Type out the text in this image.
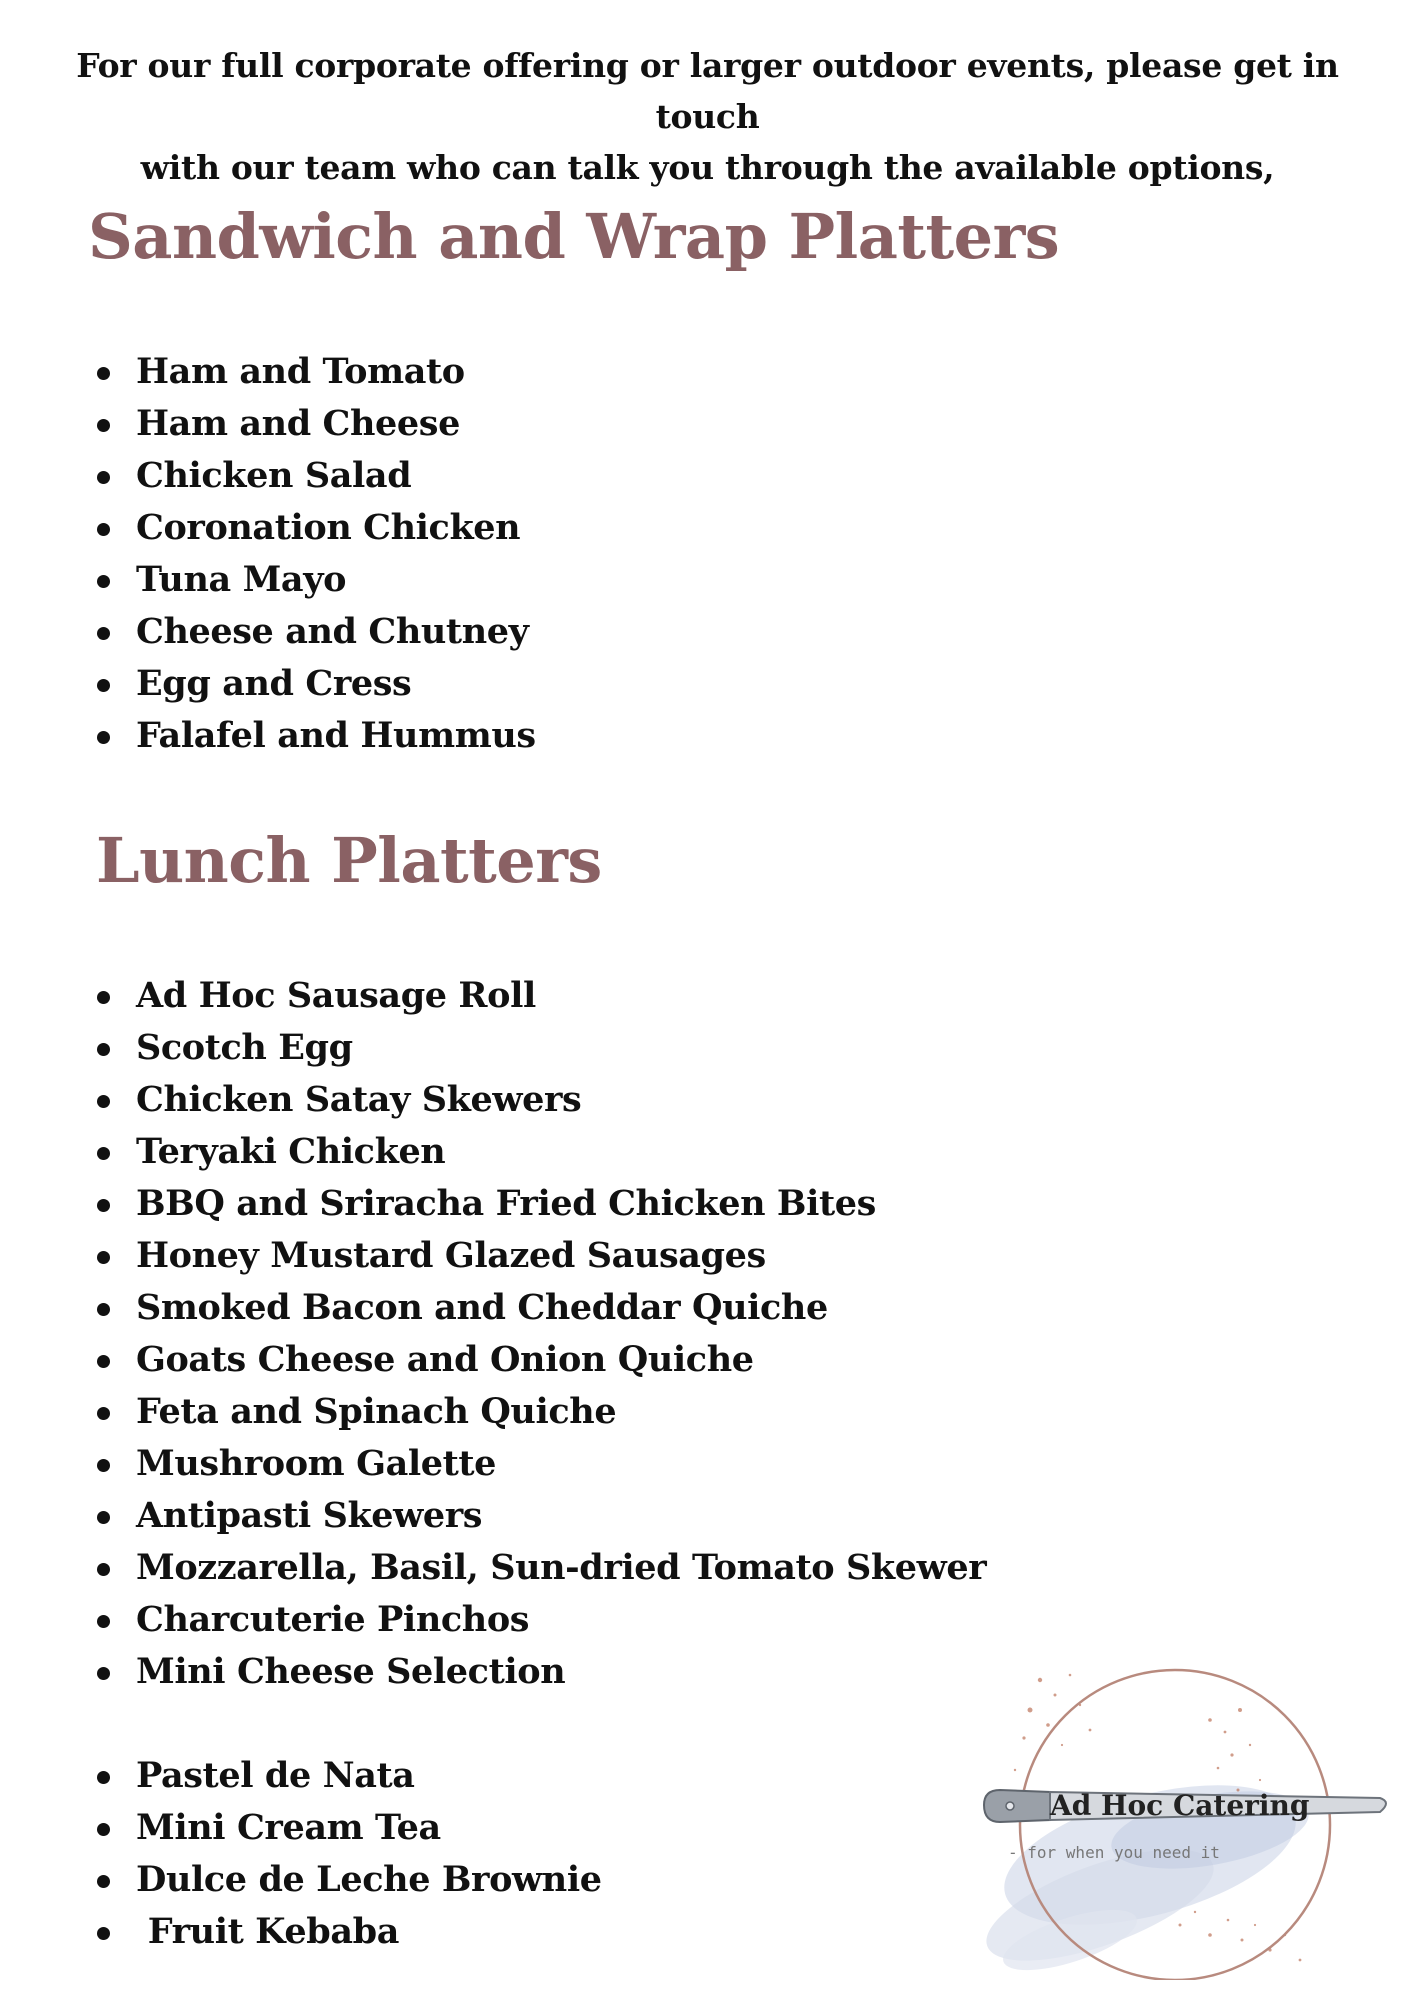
For our full corporate offering or larger outdoor events, please get in touch
with our team who can talk you through the available options,
Sandwich and Wrap Platters
Ham and Tomato
Ham and Cheese
Chicken Salad
Coronation Chicken
Tuna Mayo
Cheese and Chutney
Egg and Cress
Falafel and Hummus
Lunch Platters
Ad Hoc Sausage Roll
Scotch Egg
Chicken Satay Skewers
Teryaki Chicken
BBQ and Sriracha Fried Chicken Bites
Honey Mustard Glazed Sausages
Smoked Bacon and Cheddar Quiche
Goats Cheese and Onion Quiche
Feta and Spinach Quiche
Mushroom Galette
Antipasti Skewers
Mozzarella, Basil, Sun-dried Tomato Skewer
Charcuterie Pinchos
Mini Cheese Selection
Pastel de Nata
Mini Cream Tea
Dulce de Leche Brownie
Fruit Kebaba
Ad Hoc Catering
- for when you need it
